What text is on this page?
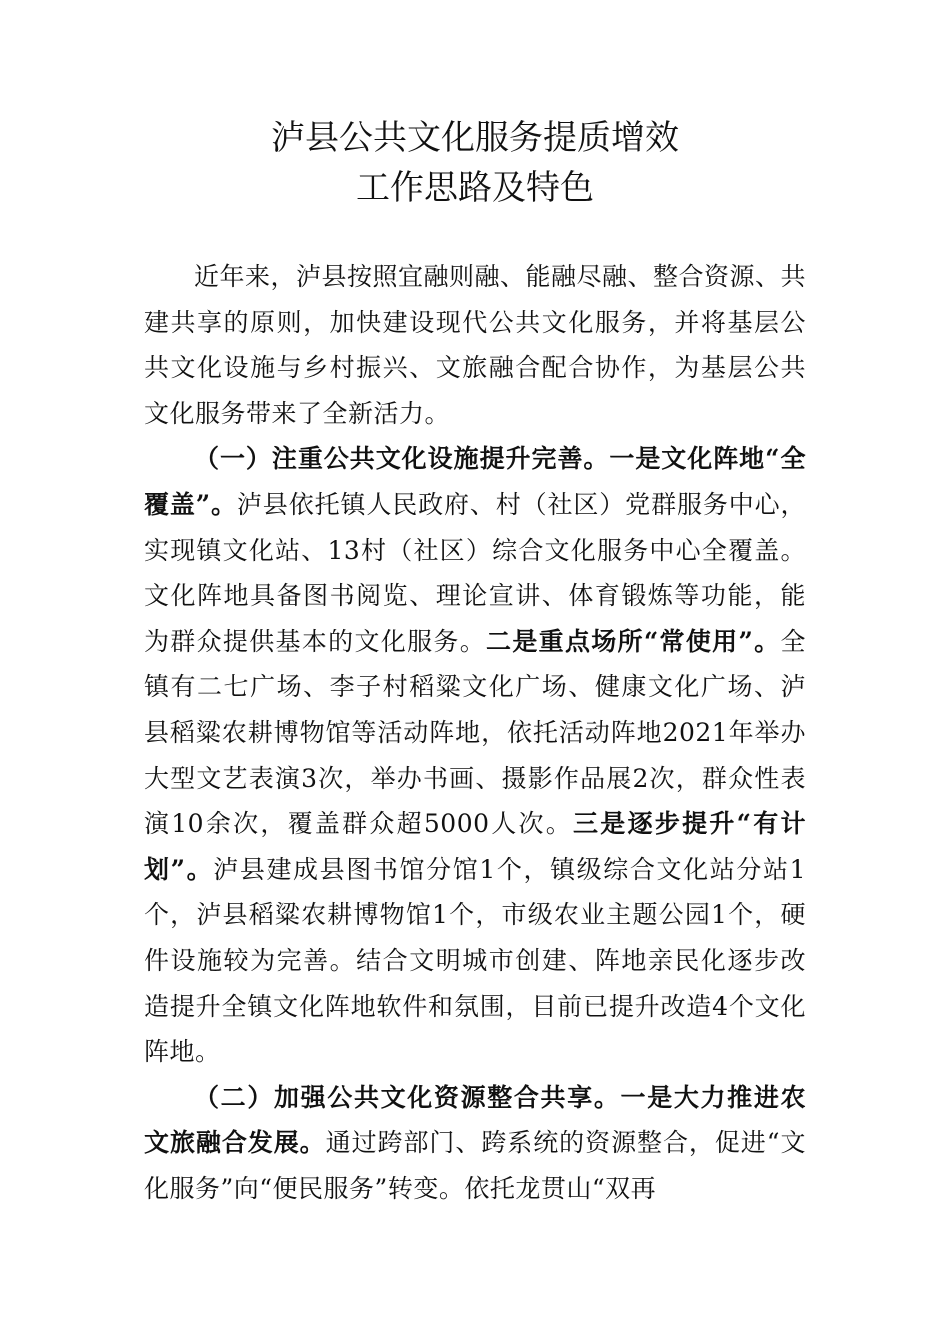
泸县公共文化服务提质增效
工作思路及特色

近年来，泸县按照宜融则融、能融尽融、整合资源、共建共享的原则，加快建设现代公共文化服务，并将基层公共文化设施与乡村振兴、文旅融合配合协作，为基层公共文化服务带来了全新活力。

（一）注重公共文化设施提升完善。一是文化阵地“全覆盖”。泸县依托镇人民政府、村（社区）党群服务中心，实现镇文化站、13村（社区）综合文化服务中心全覆盖。文化阵地具备图书阅览、理论宣讲、体育锻炼等功能，能为群众提供基本的文化服务。二是重点场所“常使用”。全镇有二七广场、李子村稻粱文化广场、健康文化广场、泸县稻粱农耕博物馆等活动阵地，依托活动阵地2021年举办大型文艺表演3次，举办书画、摄影作品展2次，群众性表演10余次，覆盖群众超5000人次。三是逐步提升“有计划”。泸县建成县图书馆分馆1个，镇级综合文化站分站1个，泸县稻粱农耕博物馆1个，市级农业主题公园1个，硬件设施较为完善。结合文明城市创建、阵地亲民化逐步改造提升全镇文化阵地软件和氛围，目前已提升改造4个文化阵地。

（二）加强公共文化资源整合共享。一是大力推进农文旅融合发展。通过跨部门、跨系统的资源整合，促进“文化服务”向“便民服务”转变。依托龙贯山“双再
